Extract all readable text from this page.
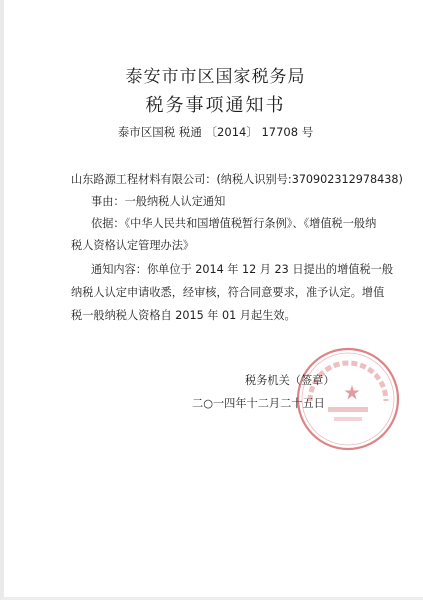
泰安市市区国家税务局
税务事项通知书
泰市区国税 税通 〔2014〕 17708 号
山东路源工程材料有限公司：(纳税人识别号:370902312978438)
事由：一般纳税人认定通知
依据：《中华人民共和国增值税暂行条例》、《增值税一般纳
税人资格认定管理办法》
通知内容：你单位于 2014 年 12 月 23 日提出的增值税一般
纳税人认定申请收悉，经审核，符合同意要求，准予认定。增值
税一般纳税人资格自 2015 年 01 月起生效。
税务机关（签章）
二○一四年十二月二十五日
